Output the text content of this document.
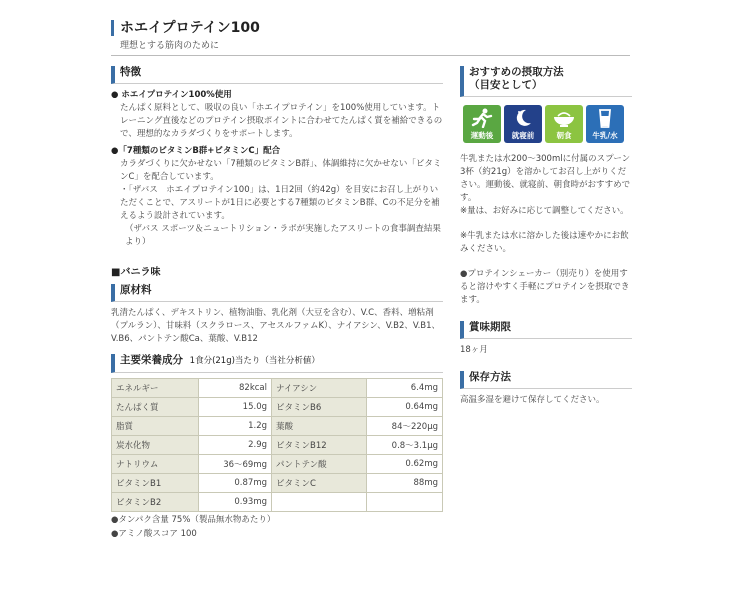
ホエイプロテイン100
理想とする筋肉のために
特徴
● ホエイプロテイン100%使用
たんぱく原料として、吸収の良い「ホエイプロテイン」を100%使用しています。トレーニング直後などのプロテイン摂取ポイントに合わせてたんぱく質を補給できるので、理想的なカラダづくりをサポートします。
●「7種類のビタミンB群+ビタミンC」配合
カラダづくりに欠かせない「7種類のビタミンB群」、体調維持に欠かせない「ビタミンC」を配合しています。
・「ザバス　ホエイプロテイン100」は、1日2回（約42g）を目安にお召し上がりいただくことで、アスリートが1日に必要とする7種類のビタミンB群、Cの不足分を補えるよう設計されています。
（ザバス スポーツ＆ニュートリション・ラボが実施したアスリートの食事調査結果より）
■バニラ味
原材料
乳清たんぱく、デキストリン、植物油脂、乳化剤（大豆を含む）、V.C、香料、増粘剤（プルラン）、甘味料（スクラロース、アセスルファムK）、ナイアシン、V.B2、V.B1、V.B6、パントテン酸Ca、葉酸、V.B12
主要栄養成分 1食分(21g)当たり（当社分析値）
エネルギー	82kcal	ナイアシン	6.4mg
たんぱく質	15.0g	ビタミンB6	0.64mg
脂質	1.2g	葉酸	84～220μg
炭水化物	2.9g	ビタミンB12	0.8～3.1μg
ナトリウム	36～69mg	パントテン酸	0.62mg
ビタミンB1	0.87mg	ビタミンC	88mg
ビタミンB2	0.93mg		
●タンパク含量 75%（製品無水物あたり）
●アミノ酸スコア 100
おすすめの摂取方法
（目安として）
運動後 就寝前	朝食	牛乳/水
牛乳または水200～300mlに付属のスプーン3杯（約21g）を溶かしてお召し上がりください。運動後、就寝前、朝食時がおすすめです。
※量は、お好みに応じて調整してください。
※牛乳または水に溶かした後は速やかにお飲みください。
●プロテインシェーカー（別売り）を使用すると溶けやすく手軽にプロテインを摂取できます。
賞味期限
18ヶ月
保存方法
高温多湿を避けて保存してください。
